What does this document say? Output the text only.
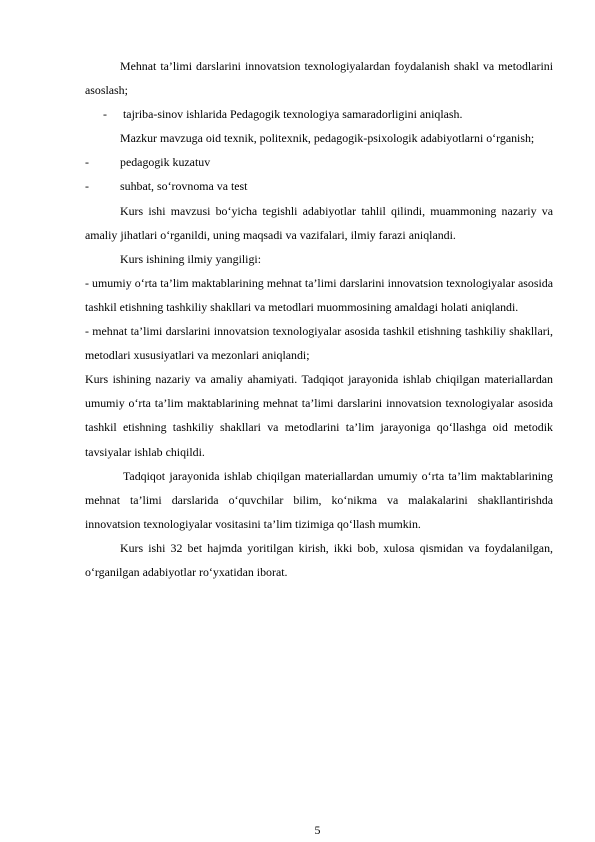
Mehnat ta’limi darslarini innovatsion texnologiyalardan foydalanish shakl va metodlarini asoslash;

- tajriba-sinov ishlarida Pedagogik texnologiya samaradorligini aniqlash.

Mazkur mavzuga oid texnik, politexnik, pedagogik-psixologik adabiyotlarni o‘rganish;

-	pedagogik kuzatuv
-	suhbat, so‘rovnoma va test

Kurs ishi mavzusi bo‘yicha tegishli adabiyotlar tahlil qilindi, muammoning nazariy va amaliy jihatlari o‘rganildi, uning maqsadi va vazifalari, ilmiy farazi aniqlandi.

Kurs ishining ilmiy yangiligi:

- umumiy o‘rta ta’lim maktablarining mehnat ta’limi darslarini innovatsion texnologiyalar asosida tashkil etishning tashkiliy shakllari va metodlari muommosining amaldagi holati aniqlandi.

- mehnat ta’limi darslarini innovatsion texnologiyalar asosida tashkil etishning tashkiliy shakllari, metodlari xususiyatlari va mezonlari aniqlandi;

Kurs ishining nazariy va amaliy ahamiyati. Tadqiqot jarayonida ishlab chiqilgan materiallardan umumiy o‘rta ta’lim maktablarining mehnat ta’limi darslarini innovatsion texnologiyalar asosida tashkil etishning tashkiliy shakllari va metodlarini ta’lim jarayoniga qo‘llashga oid metodik tavsiyalar ishlab chiqildi.

Tadqiqot jarayonida ishlab chiqilgan materiallardan umumiy o‘rta ta’lim maktablarining mehnat ta’limi darslarida o‘quvchilar bilim, ko‘nikma va malakalarini shakllantirishda innovatsion texnologiyalar vositasini ta’lim tizimiga qo‘llash mumkin.

Kurs ishi 32 bet hajmda yoritilgan kirish, ikki bob, xulosa qismidan va foydalanilgan, o‘rganilgan adabiyotlar ro‘yxatidan iborat.

5
